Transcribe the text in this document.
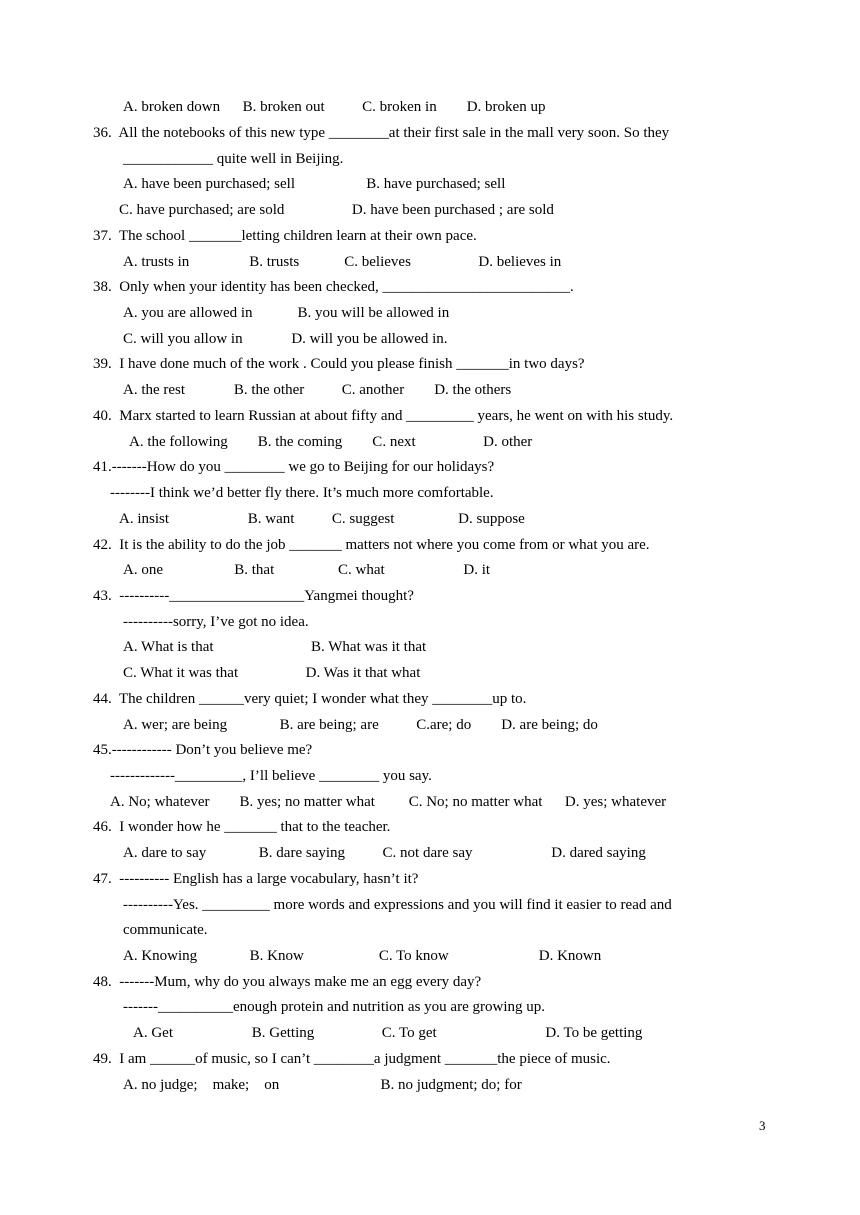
A. broken down      B. broken out          C. broken in        D. broken up
36.  All the notebooks of this new type ________at their first sale in the mall very soon. So they
____________ quite well in Beijing.
A. have been purchased; sell                   B. have purchased; sell
C. have purchased; are sold                  D. have been purchased ; are sold
37.  The school _______letting children learn at their own pace.
A. trusts in                B. trusts            C. believes                  D. believes in
38.  Only when your identity has been checked, _________________________.
A. you are allowed in            B. you will be allowed in
C. will you allow in             D. will you be allowed in.
39.  I have done much of the work . Could you please finish _______in two days?
A. the rest             B. the other          C. another        D. the others
40.  Marx started to learn Russian at about fifty and _________ years, he went on with his study.
A. the following        B. the coming        C. next                  D. other
41.-------How do you ________ we go to Beijing for our holidays?
--------I think we’d better fly there. It’s much more comfortable.
A. insist                     B. want          C. suggest                 D. suppose
42.  It is the ability to do the job _______ matters not where you come from or what you are.
A. one                   B. that                 C. what                     D. it
43.  ----------__________________Yangmei thought?
----------sorry, I’ve got no idea.
A. What is that                          B. What was it that
C. What it was that                  D. Was it that what
44.  The children ______very quiet; I wonder what they ________up to.
A. wer; are being              B. are being; are          C.are; do        D. are being; do
45.------------ Don’t you believe me?
-------------_________, I’ll believe ________ you say.
A. No; whatever        B. yes; no matter what         C. No; no matter what      D. yes; whatever
46.  I wonder how he _______ that to the teacher.
A. dare to say              B. dare saying          C. not dare say                     D. dared saying
47.  ---------- English has a large vocabulary, hasn’t it?
----------Yes. _________ more words and expressions and you will find it easier to read and
communicate.
A. Knowing              B. Know                    C. To know                        D. Known
48.  -------Mum, why do you always make me an egg every day?
-------__________enough protein and nutrition as you are growing up.
A. Get                     B. Getting                  C. To get                             D. To be getting
49.  I am ______of music, so I can’t ________a judgment _______the piece of music.
A. no judge;    make;    on                           B. no judgment; do; for
3
